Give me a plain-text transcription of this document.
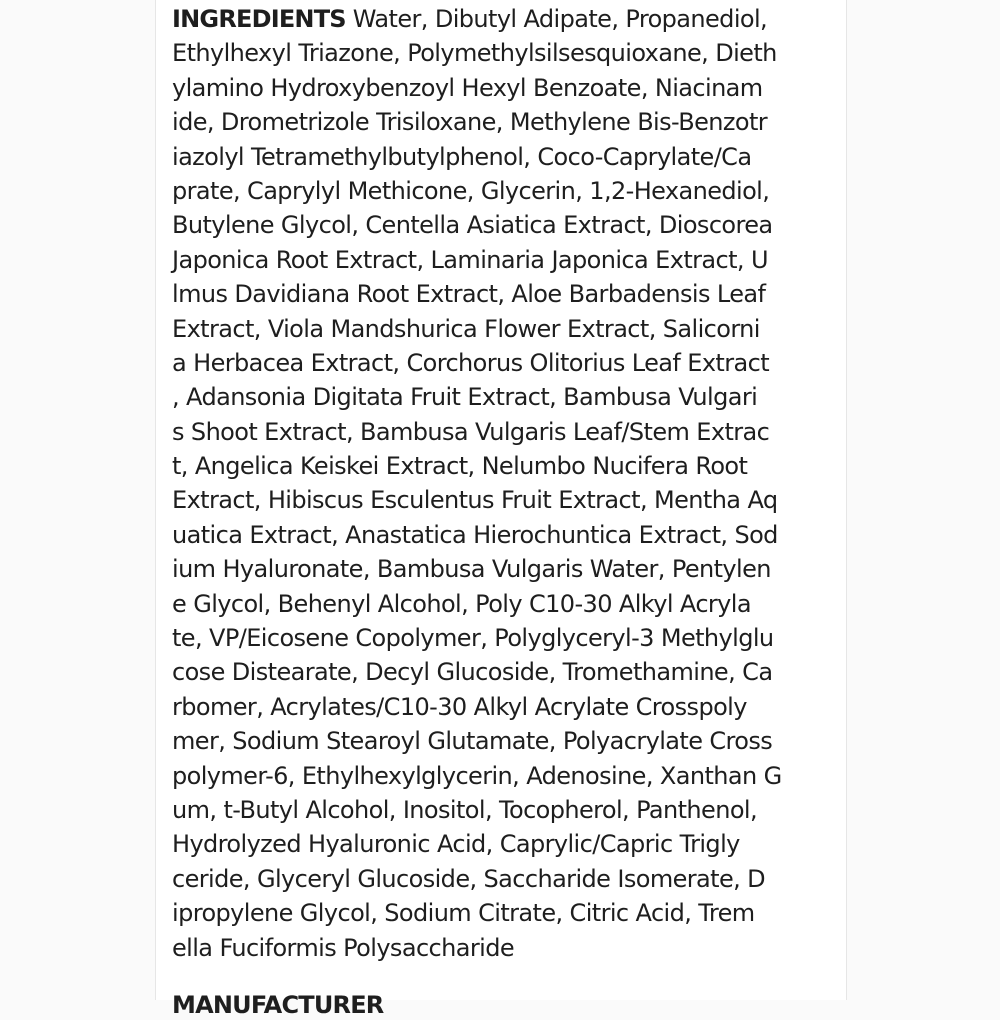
INGREDIENTS Water, Dibutyl Adipate, Propanediol,
Ethylhexyl Triazone, Polymethylsilsesquioxane, Dieth
ylamino Hydroxybenzoyl Hexyl Benzoate, Niacinam
ide, Drometrizole Trisiloxane, Methylene Bis-Benzotr
iazolyl Tetramethylbutylphenol, Coco-Caprylate/Ca
prate, Caprylyl Methicone, Glycerin, 1,2-Hexanediol,
Butylene Glycol, Centella Asiatica Extract, Dioscorea
Japonica Root Extract, Laminaria Japonica Extract, U
lmus Davidiana Root Extract, Aloe Barbadensis Leaf
Extract, Viola Mandshurica Flower Extract, Salicorni
a Herbacea Extract, Corchorus Olitorius Leaf Extract
, Adansonia Digitata Fruit Extract, Bambusa Vulgari
s Shoot Extract, Bambusa Vulgaris Leaf/Stem Extrac
t, Angelica Keiskei Extract, Nelumbo Nucifera Root
Extract, Hibiscus Esculentus Fruit Extract, Mentha Aq
uatica Extract, Anastatica Hierochuntica Extract, Sod
ium Hyaluronate, Bambusa Vulgaris Water, Pentylen
e Glycol, Behenyl Alcohol, Poly C10-30 Alkyl Acryla
te, VP/Eicosene Copolymer, Polyglyceryl-3 Methylglu
cose Distearate, Decyl Glucoside, Tromethamine, Ca
rbomer, Acrylates/C10-30 Alkyl Acrylate Crosspoly
mer, Sodium Stearoyl Glutamate, Polyacrylate Cross
polymer-6, Ethylhexylglycerin, Adenosine, Xanthan G
um, t-Butyl Alcohol, Inositol, Tocopherol, Panthenol,
Hydrolyzed Hyaluronic Acid, Caprylic/Capric Trigly
ceride, Glyceryl Glucoside, Saccharide Isomerate, D
ipropylene Glycol, Sodium Citrate, Citric Acid, Trem
ella Fuciformis Polysaccharide
MANUFACTURER
